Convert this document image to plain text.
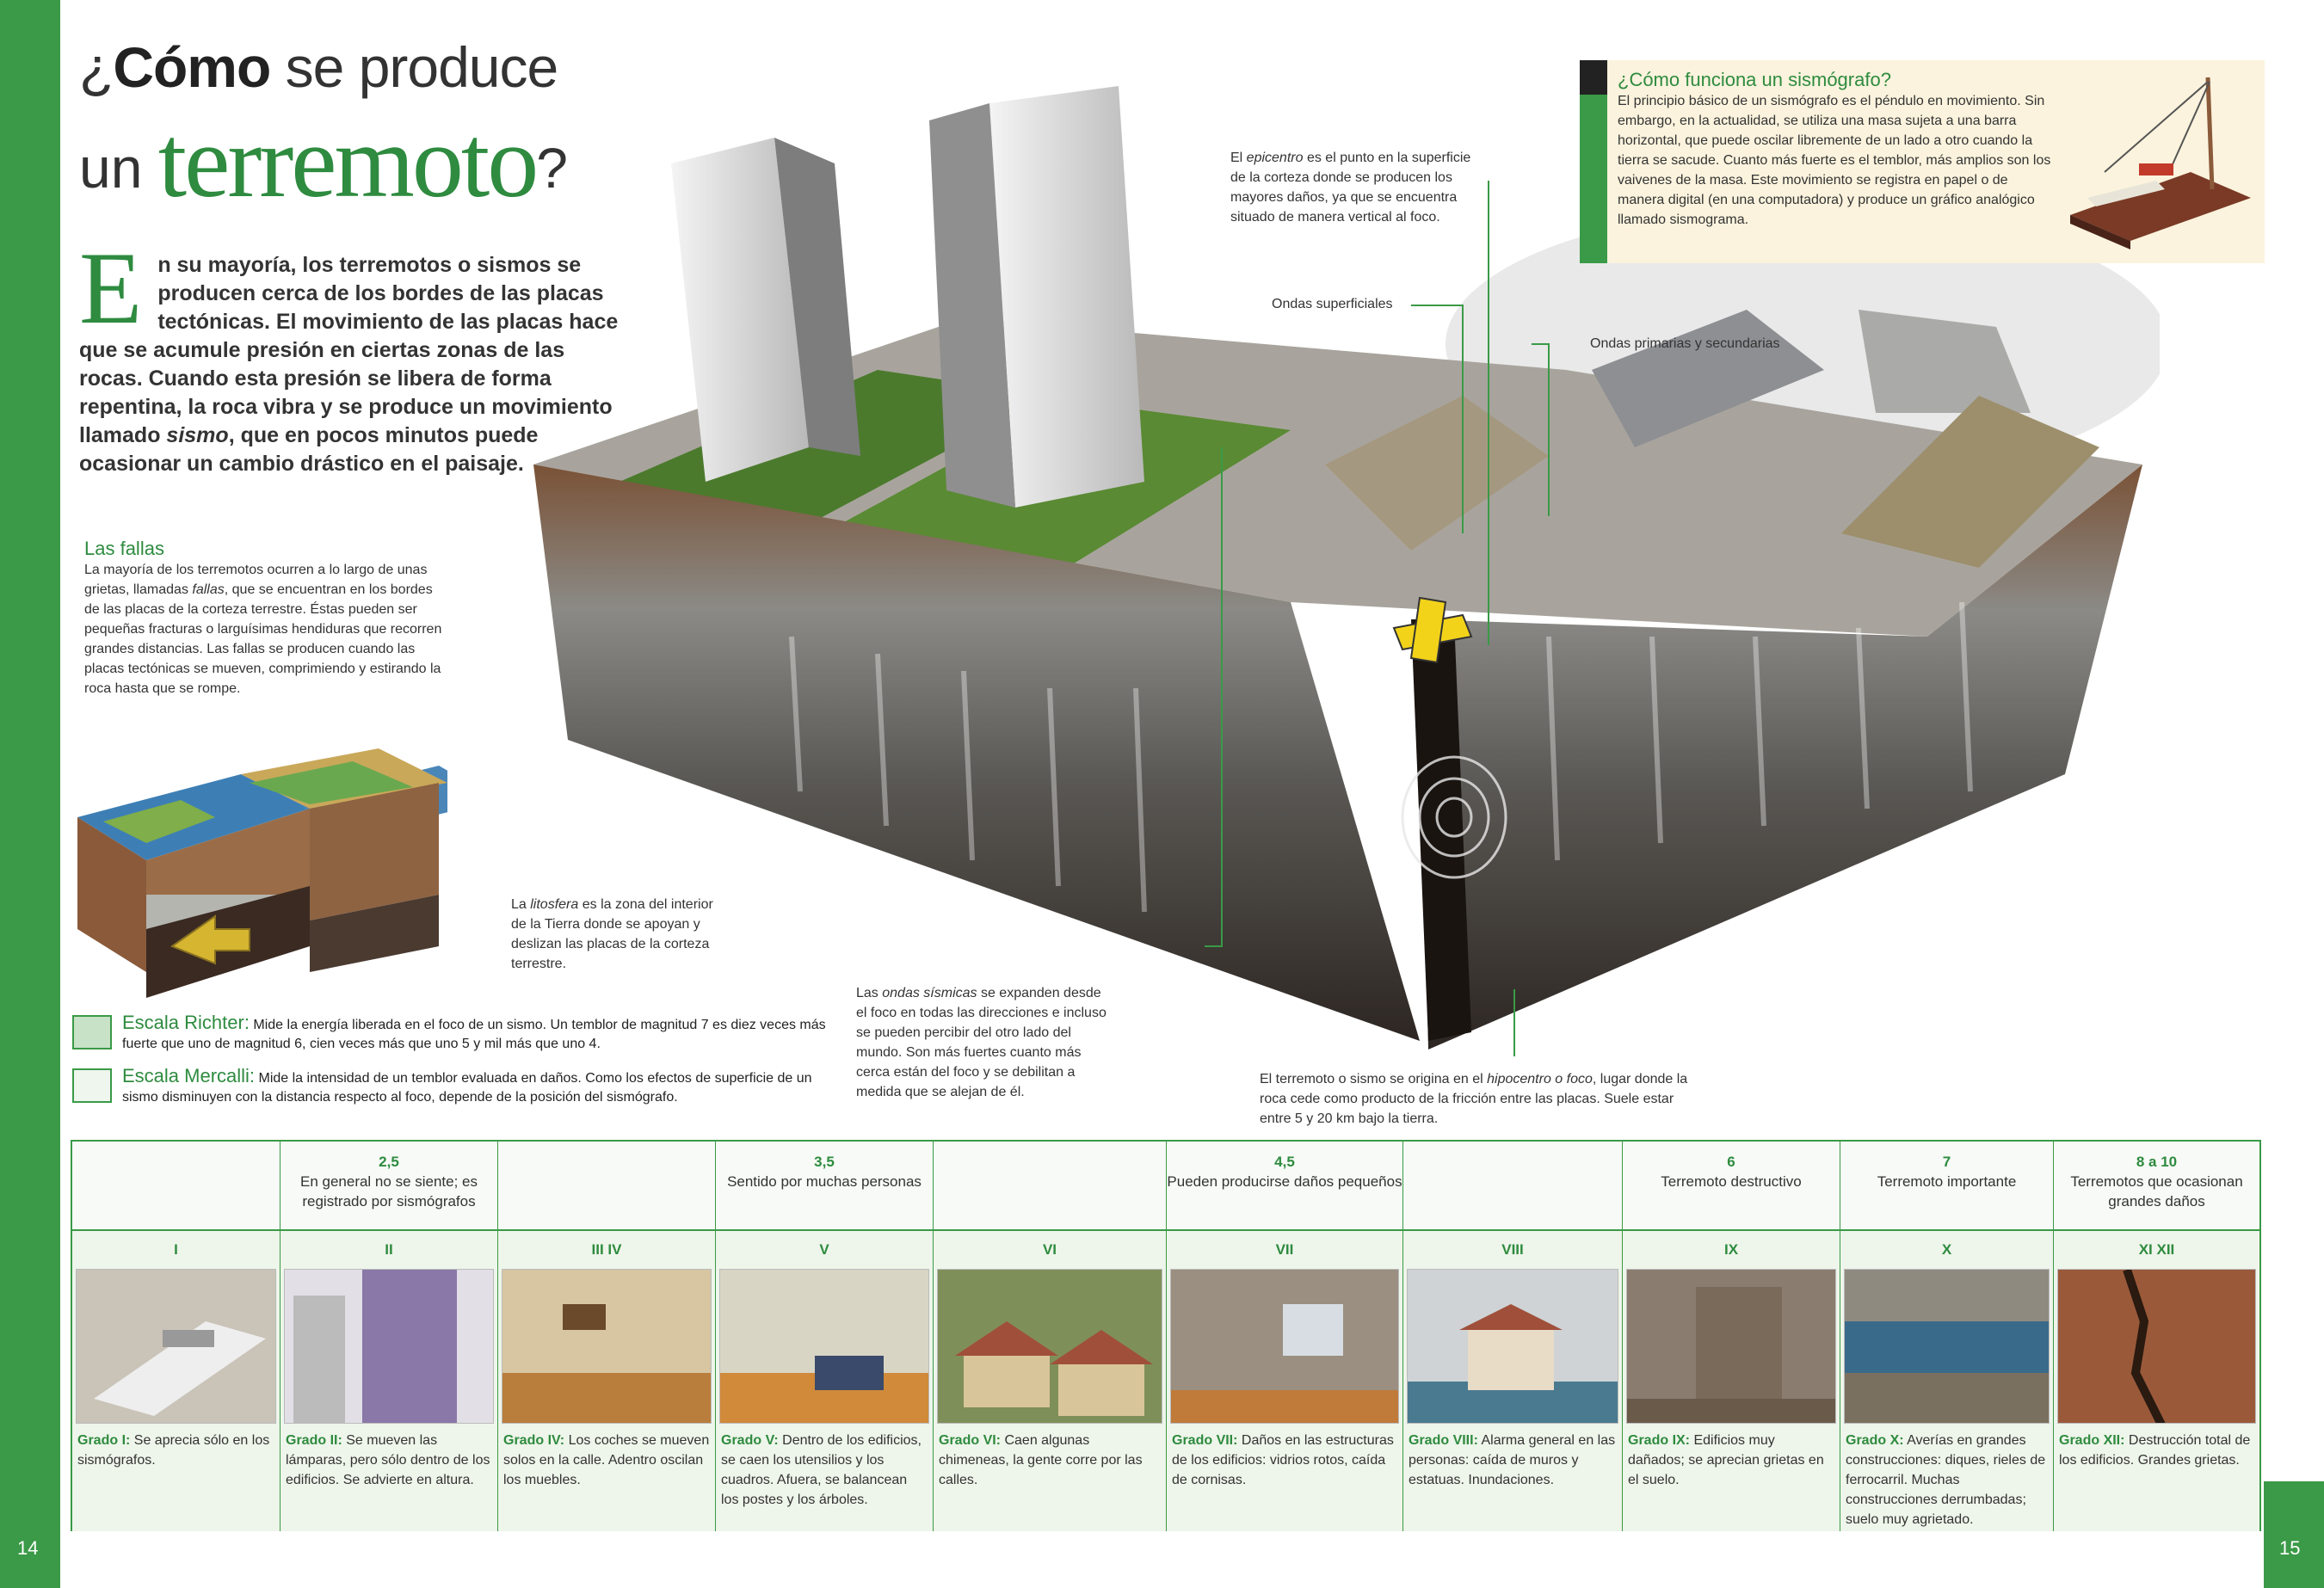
14	15
¿Cómo se produce
un terremoto?
En su mayoría, los terremotos o sismos se producen cerca de los bordes de las placas tectónicas. El movimiento de las placas hace que se acumule presión en ciertas zonas de las rocas. Cuando esta presión se libera de forma repentina, la roca vibra y se produce un movimiento llamado sismo, que en pocos minutos puede ocasionar un cambio drástico en el paisaje.
Las fallas
La mayoría de los terremotos ocurren a lo largo de unas grietas, llamadas fallas, que se encuentran en los bordes de las placas de la corteza terrestre. Éstas pueden ser pequeñas fracturas o larguísimas hendiduras que recorren grandes distancias. Las fallas se producen cuando las placas tectónicas se mueven, comprimiendo y estirando la roca hasta que se rompe.
El epicentro es el punto en la superficie de la corteza donde se producen los mayores daños, ya que se encuentra situado de manera vertical al foco.
Ondas superficiales
Ondas primarias y secundarias
La litosfera es la zona del interior de la Tierra donde se apoyan y deslizan las placas de la corteza terrestre.
Las ondas sísmicas se expanden desde el foco en todas las direcciones e incluso se pueden percibir del otro lado del mundo. Son más fuertes cuanto más cerca están del foco y se debilitan a medida que se alejan de él.
El terremoto o sismo se origina en el hipocentro o foco, lugar donde la roca cede como producto de la fricción entre las placas. Suele estar entre 5 y 20 km bajo la tierra.
¿Cómo funciona un sismógrafo?
El principio básico de un sismógrafo es el péndulo en movimiento. Sin embargo, en la actualidad, se utiliza una masa sujeta a una barra horizontal, que puede oscilar libremente de un lado a otro cuando la tierra se sacude. Cuanto más fuerte es el temblor, más amplios son los vaivenes de la masa. Este movimiento se registra en papel o de manera digital (en una computadora) y produce un gráfico analógico llamado sismograma.
Escala Richter: Mide la energía liberada en el foco de un sismo. Un temblor de magnitud 7 es diez veces más fuerte que uno de magnitud 6, cien veces más que uno 5 y mil más que uno 4.
Escala Mercalli: Mide la intensidad de un temblor evaluada en daños. Como los efectos de superficie de un sismo disminuyen con la distancia respecto al foco, depende de la posición del sismógrafo.
2,5
En general no se siente; es registrado por sismógrafos
3,5
Sentido por muchas personas
4,5
Pueden producirse daños pequeños
6
Terremoto destructivo
7
Terremoto importante
8 a 10
Terremotos que ocasionan grandes daños
I
Grado I: Se aprecia sólo en los sismógrafos.
II
Grado II: Se mueven las lámparas, pero sólo dentro de los edificios. Se advierte en altura.
III IV
Grado IV: Los coches se mueven solos en la calle. Adentro oscilan los muebles.
V
Grado V: Dentro de los edificios, se caen los utensilios y los cuadros. Afuera, se balancean los postes y los árboles.
VI
Grado VI: Caen algunas chimeneas, la gente corre por las calles.
VII
Grado VII: Daños en las estructuras de los edificios: vidrios rotos, caída de cornisas.
VIII
Grado VIII: Alarma general en las personas: caída de muros y estatuas. Inundaciones.
IX
Grado IX: Edificios muy dañados; se aprecian grietas en el suelo.
X
Grado X: Averías en grandes construcciones: diques, rieles de ferrocarril. Muchas construcciones derrumbadas; suelo muy agrietado.
XI XII
Grado XII: Destrucción total de los edificios. Grandes grietas.
